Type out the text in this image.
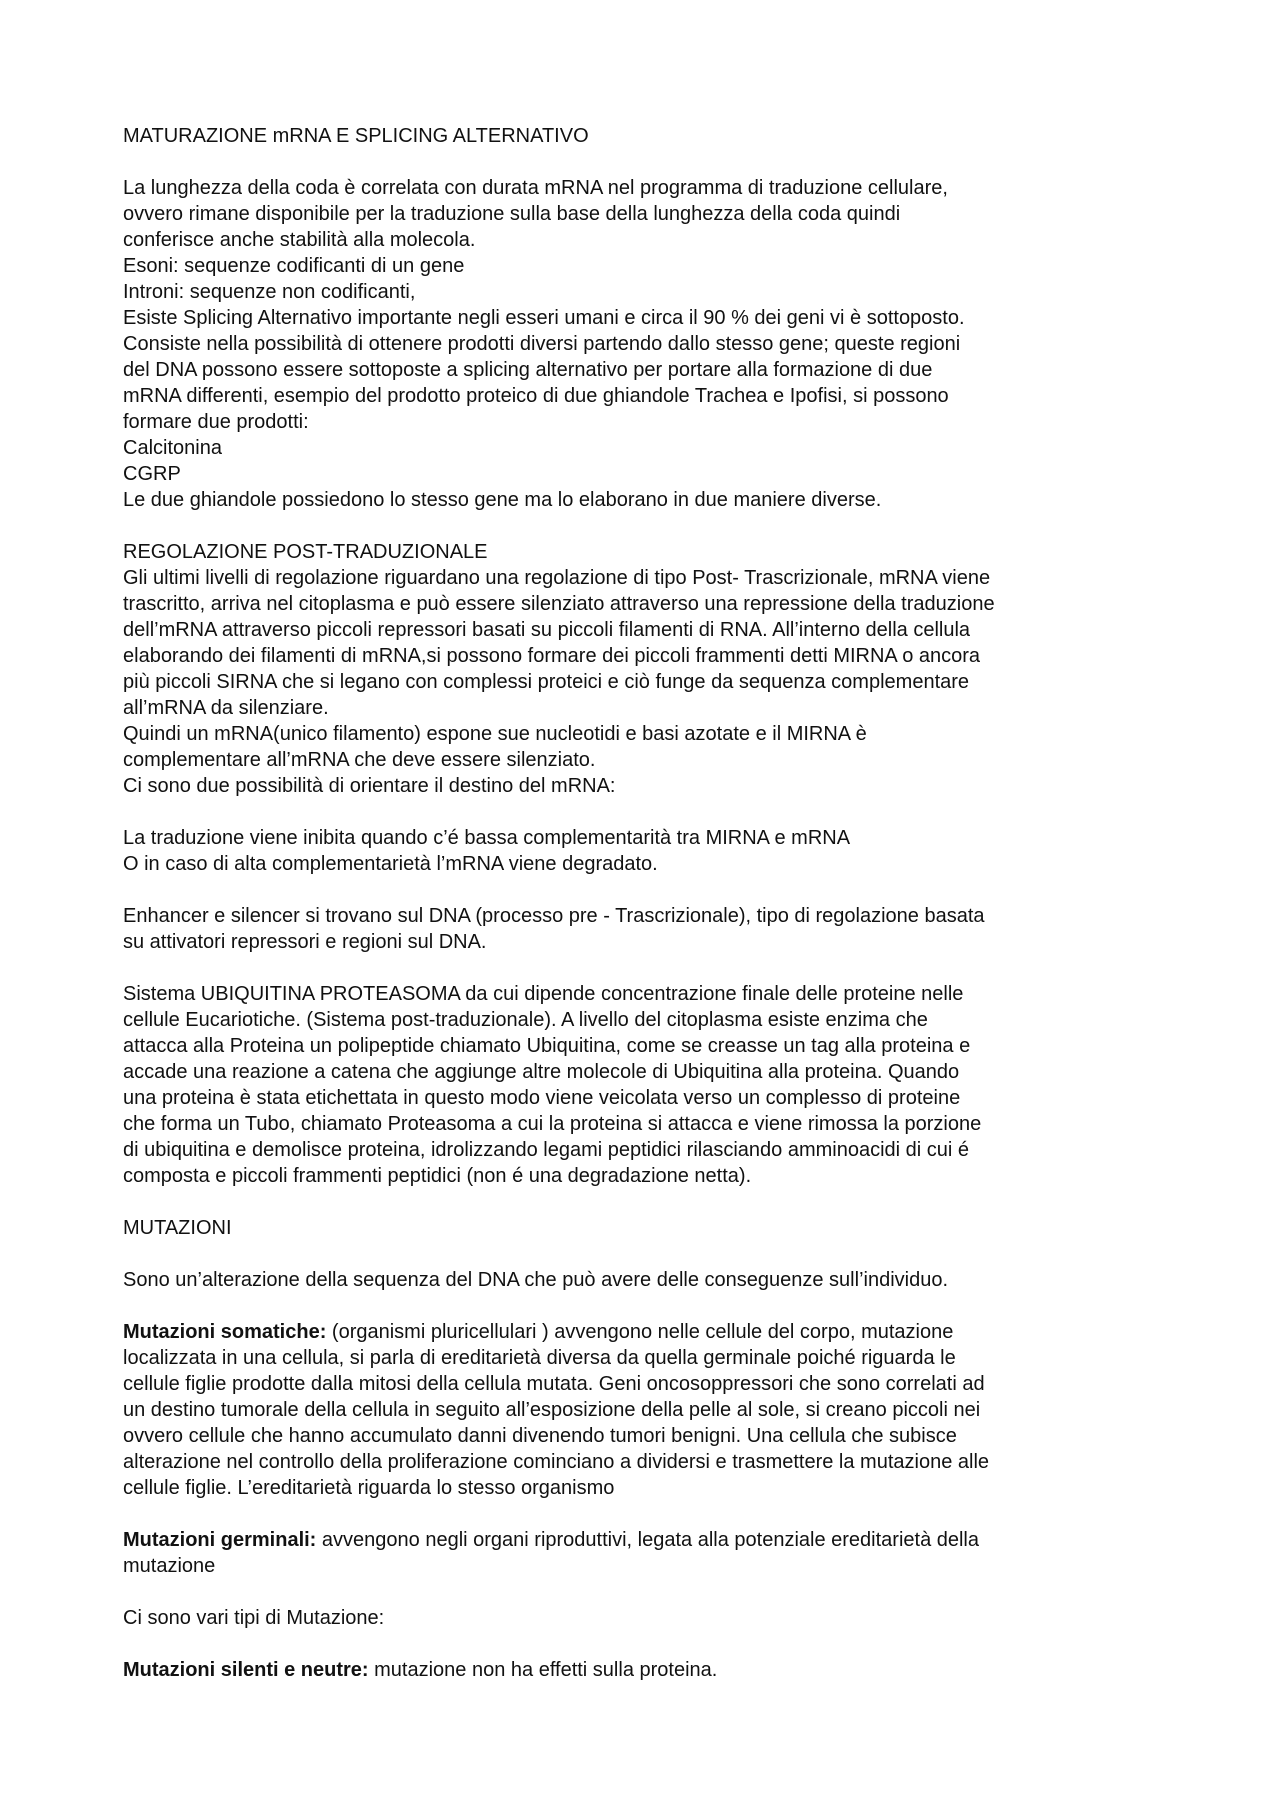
MATURAZIONE mRNA E SPLICING ALTERNATIVO
La lunghezza della coda è correlata con durata mRNA nel programma di traduzione cellulare,
ovvero rimane disponibile per la traduzione sulla base della lunghezza della coda quindi
conferisce anche stabilità alla molecola.
Esoni: sequenze codificanti di un gene
Introni: sequenze non codificanti,
Esiste Splicing Alternativo importante negli esseri umani e circa il 90 % dei geni vi è sottoposto.
Consiste nella possibilità di ottenere prodotti diversi partendo dallo stesso gene; queste regioni
del DNA possono essere sottoposte a splicing alternativo per portare alla formazione di due
mRNA differenti, esempio del prodotto proteico di due ghiandole Trachea e Ipofisi, si possono
formare due prodotti:
Calcitonina
CGRP
Le due ghiandole possiedono lo stesso gene ma lo elaborano in due maniere diverse.
REGOLAZIONE POST-TRADUZIONALE
Gli ultimi livelli di regolazione riguardano una regolazione di tipo Post- Trascrizionale, mRNA viene
trascritto, arriva nel citoplasma e può essere silenziato attraverso una repressione della traduzione
dell’mRNA attraverso piccoli repressori basati su piccoli filamenti di RNA. All’interno della cellula
elaborando dei filamenti di mRNA,si possono formare dei piccoli frammenti detti MIRNA o ancora
più piccoli SIRNA che si legano con complessi proteici e ciò funge da sequenza complementare
all’mRNA da silenziare.
Quindi un mRNA(unico filamento) espone sue nucleotidi e basi azotate e il MIRNA è
complementare all’mRNA che deve essere silenziato.
Ci sono due possibilità di orientare il destino del mRNA:
La traduzione viene inibita quando c’é bassa complementarità tra MIRNA e mRNA
O in caso di alta complementarietà l’mRNA viene degradato.
Enhancer e silencer si trovano sul DNA (processo pre - Trascrizionale), tipo di regolazione basata
su attivatori repressori e regioni sul DNA.
Sistema UBIQUITINA PROTEASOMA da cui dipende concentrazione finale delle proteine nelle
cellule Eucariotiche. (Sistema post-traduzionale). A livello del citoplasma esiste enzima che
attacca alla Proteina un polipeptide chiamato Ubiquitina, come se creasse un tag alla proteina e
accade una reazione a catena che aggiunge altre molecole di Ubiquitina alla proteina. Quando
una proteina è stata etichettata in questo modo viene veicolata verso un complesso di proteine
che forma un Tubo, chiamato Proteasoma a cui la proteina si attacca e viene rimossa la porzione
di ubiquitina e demolisce proteina, idrolizzando legami peptidici rilasciando amminoacidi di cui é
composta e piccoli frammenti peptidici (non é una degradazione netta).
MUTAZIONI
Sono un’alterazione della sequenza del DNA che può avere delle conseguenze sull’individuo.
Mutazioni somatiche: (organismi pluricellulari ) avvengono nelle cellule del corpo, mutazione
localizzata in una cellula, si parla di ereditarietà diversa da quella germinale poiché riguarda le
cellule figlie prodotte dalla mitosi della cellula mutata. Geni oncosoppressori che sono correlati ad
un destino tumorale della cellula in seguito all’esposizione della pelle al sole, si creano piccoli nei
ovvero cellule che hanno accumulato danni divenendo tumori benigni. Una cellula che subisce
alterazione nel controllo della proliferazione cominciano a dividersi e trasmettere la mutazione alle
cellule figlie. L’ereditarietà riguarda lo stesso organismo
Mutazioni germinali: avvengono negli organi riproduttivi, legata alla potenziale ereditarietà della
mutazione
Ci sono vari tipi di Mutazione:
Mutazioni silenti e neutre: mutazione non ha effetti sulla proteina.
